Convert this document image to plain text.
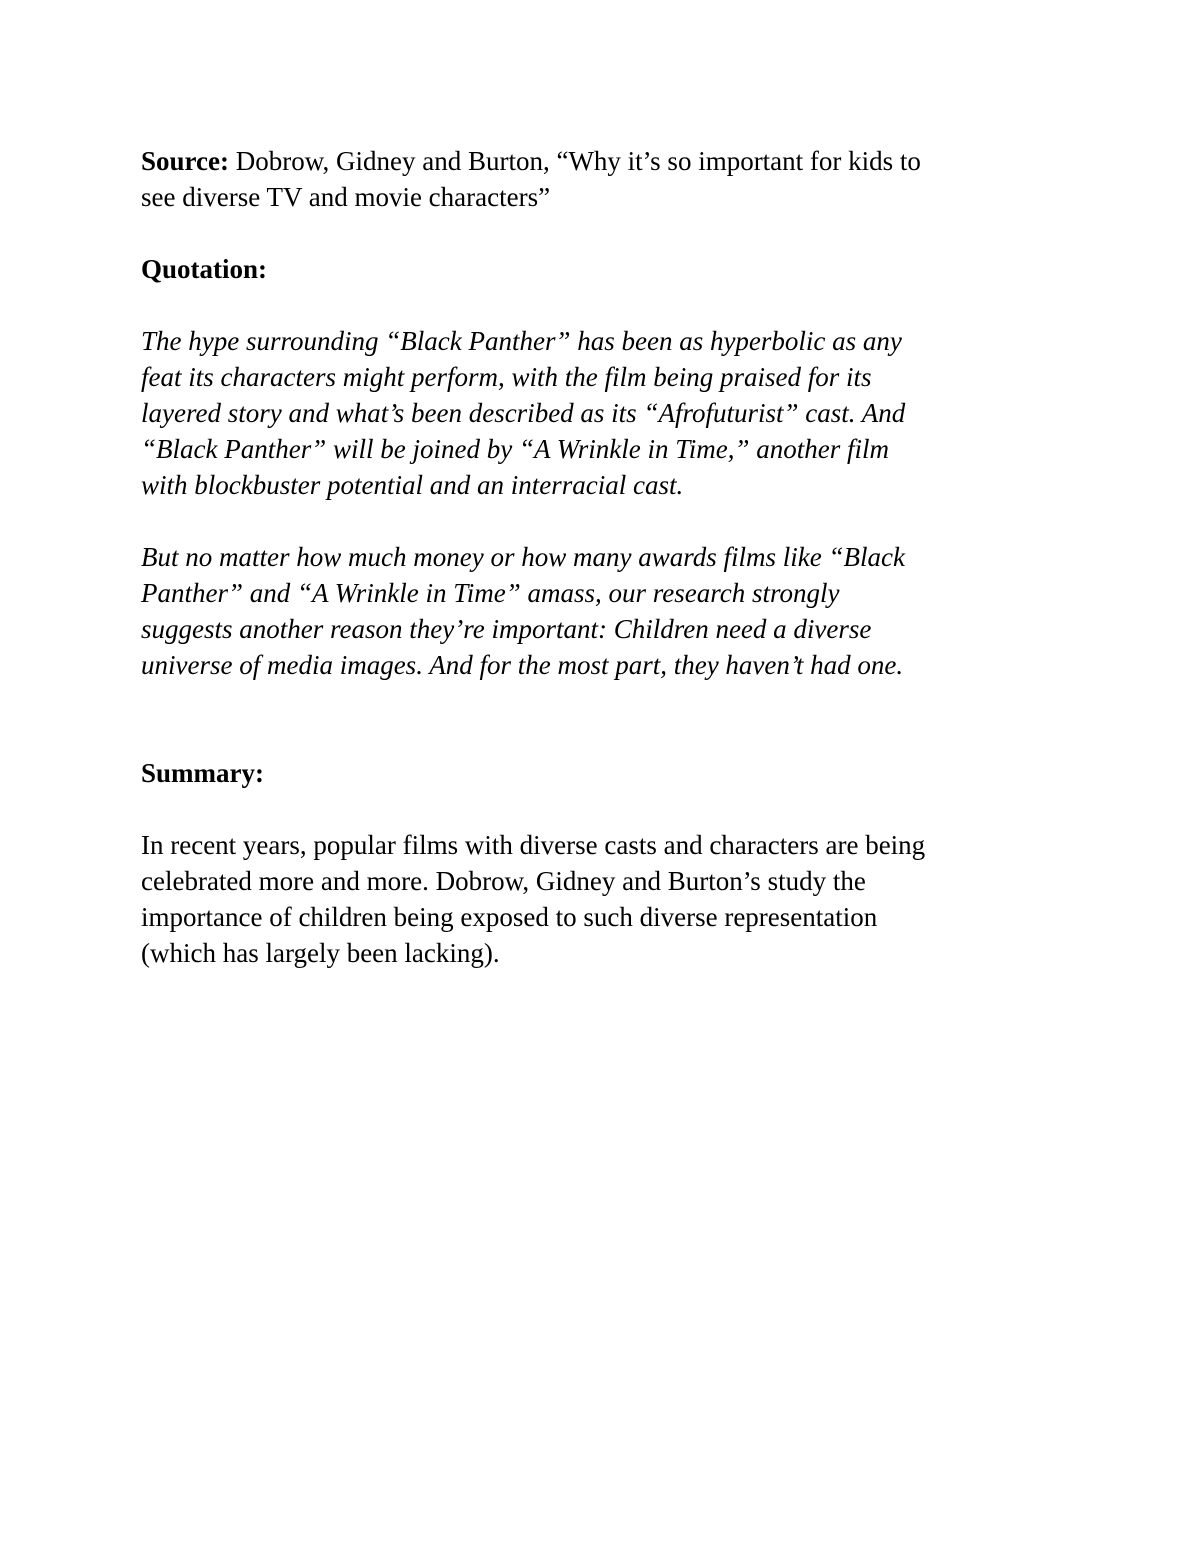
Source: Dobrow, Gidney and Burton, “Why it’s so important for kids to

see diverse TV and movie characters”

Quotation:

The hype surrounding “Black Panther” has been as hyperbolic as any
feat its characters might perform, with the film being praised for its
layered story and what’s been described as its “Afrofuturist” cast. And
“Black Panther” will be joined by “A Wrinkle in Time,” another film
with blockbuster potential and an interracial cast.

But no matter how much money or how many awards films like “Black
Panther” and “A Wrinkle in Time” amass, our research strongly
suggests another reason they’re important: Children need a diverse
universe of media images. And for the most part, they haven’t had one.

Summary:

In recent years, popular films with diverse casts and characters are being
celebrated more and more. Dobrow, Gidney and Burton’s study the
importance of children being exposed to such diverse representation
(which has largely been lacking).
